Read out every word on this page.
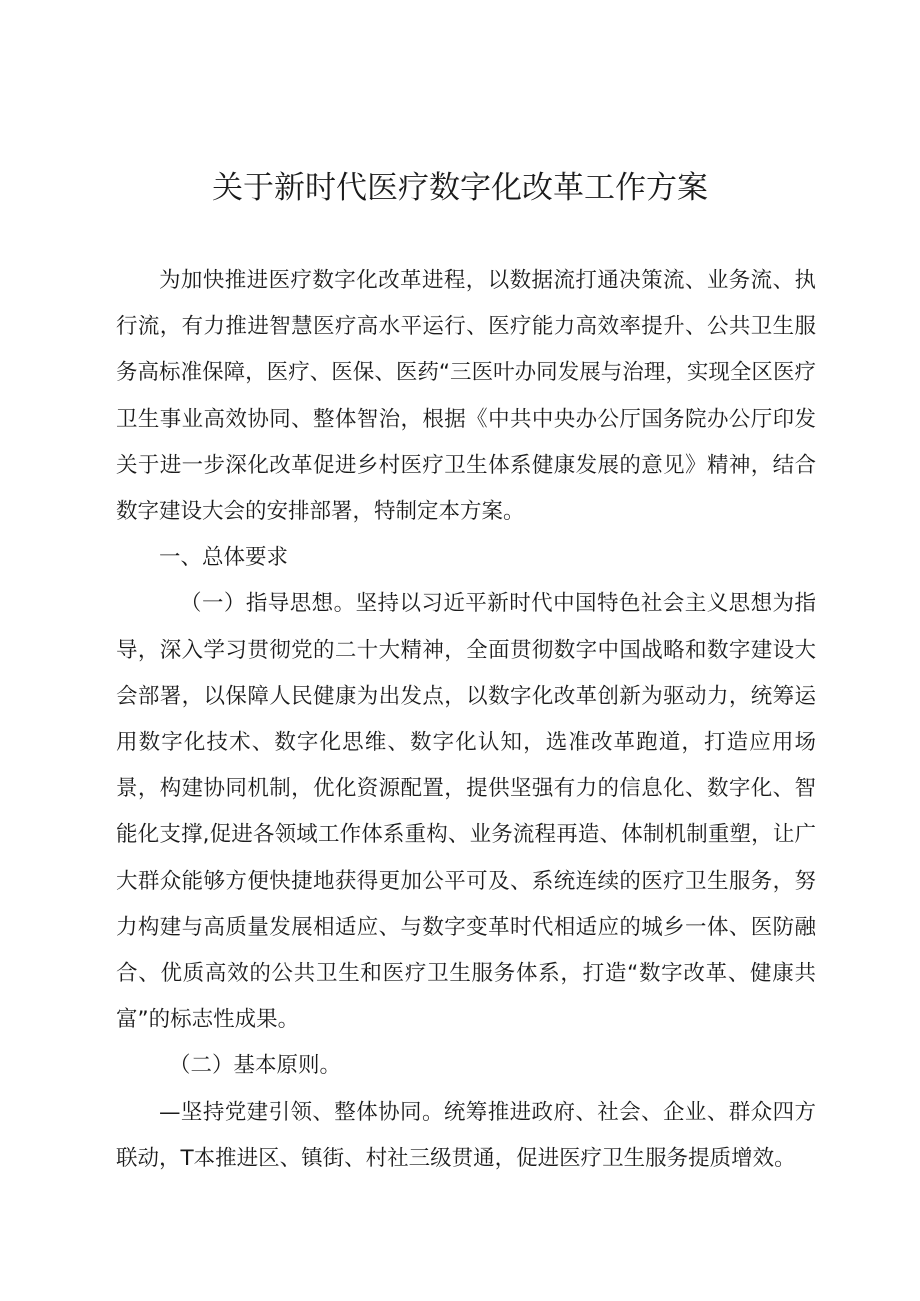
关于新时代医疗数字化改革工作方案

为加快推进医疗数字化改革进程，以数据流打通决策流、业务流、执行流，有力推进智慧医疗高水平运行、医疗能力高效率提升、公共卫生服务高标准保障，医疗、医保、医药“三医叶办同发展与治理，实现全区医疗卫生事业高效协同、整体智治，根据《中共中央办公厅国务院办公厅印发关于进一步深化改革促进乡村医疗卫生体系健康发展的意见》精神，结合数字建设大会的安排部署，特制定本方案。

一、总体要求

（一）指导思想。坚持以习近平新时代中国特色社会主义思想为指导，深入学习贯彻党的二十大精神，全面贯彻数字中国战略和数字建设大会部署，以保障人民健康为出发点，以数字化改革创新为驱动力，统筹运用数字化技术、数字化思维、数字化认知，选准改革跑道，打造应用场景，构建协同机制，优化资源配置，提供坚强有力的信息化、数字化、智能化支撑,促进各领域工作体系重构、业务流程再造、体制机制重塑，让广大群众能够方便快捷地获得更加公平可及、系统连续的医疗卫生服务，努力构建与高质量发展相适应、与数字变革时代相适应的城乡一体、医防融合、优质高效的公共卫生和医疗卫生服务体系，打造“数字改革、健康共富”的标志性成果。

（二）基本原则。

—坚持党建引领、整体协同。统筹推进政府、社会、企业、群众四方联动，T本推进区、镇街、村社三级贯通，促进医疗卫生服务提质增效。
